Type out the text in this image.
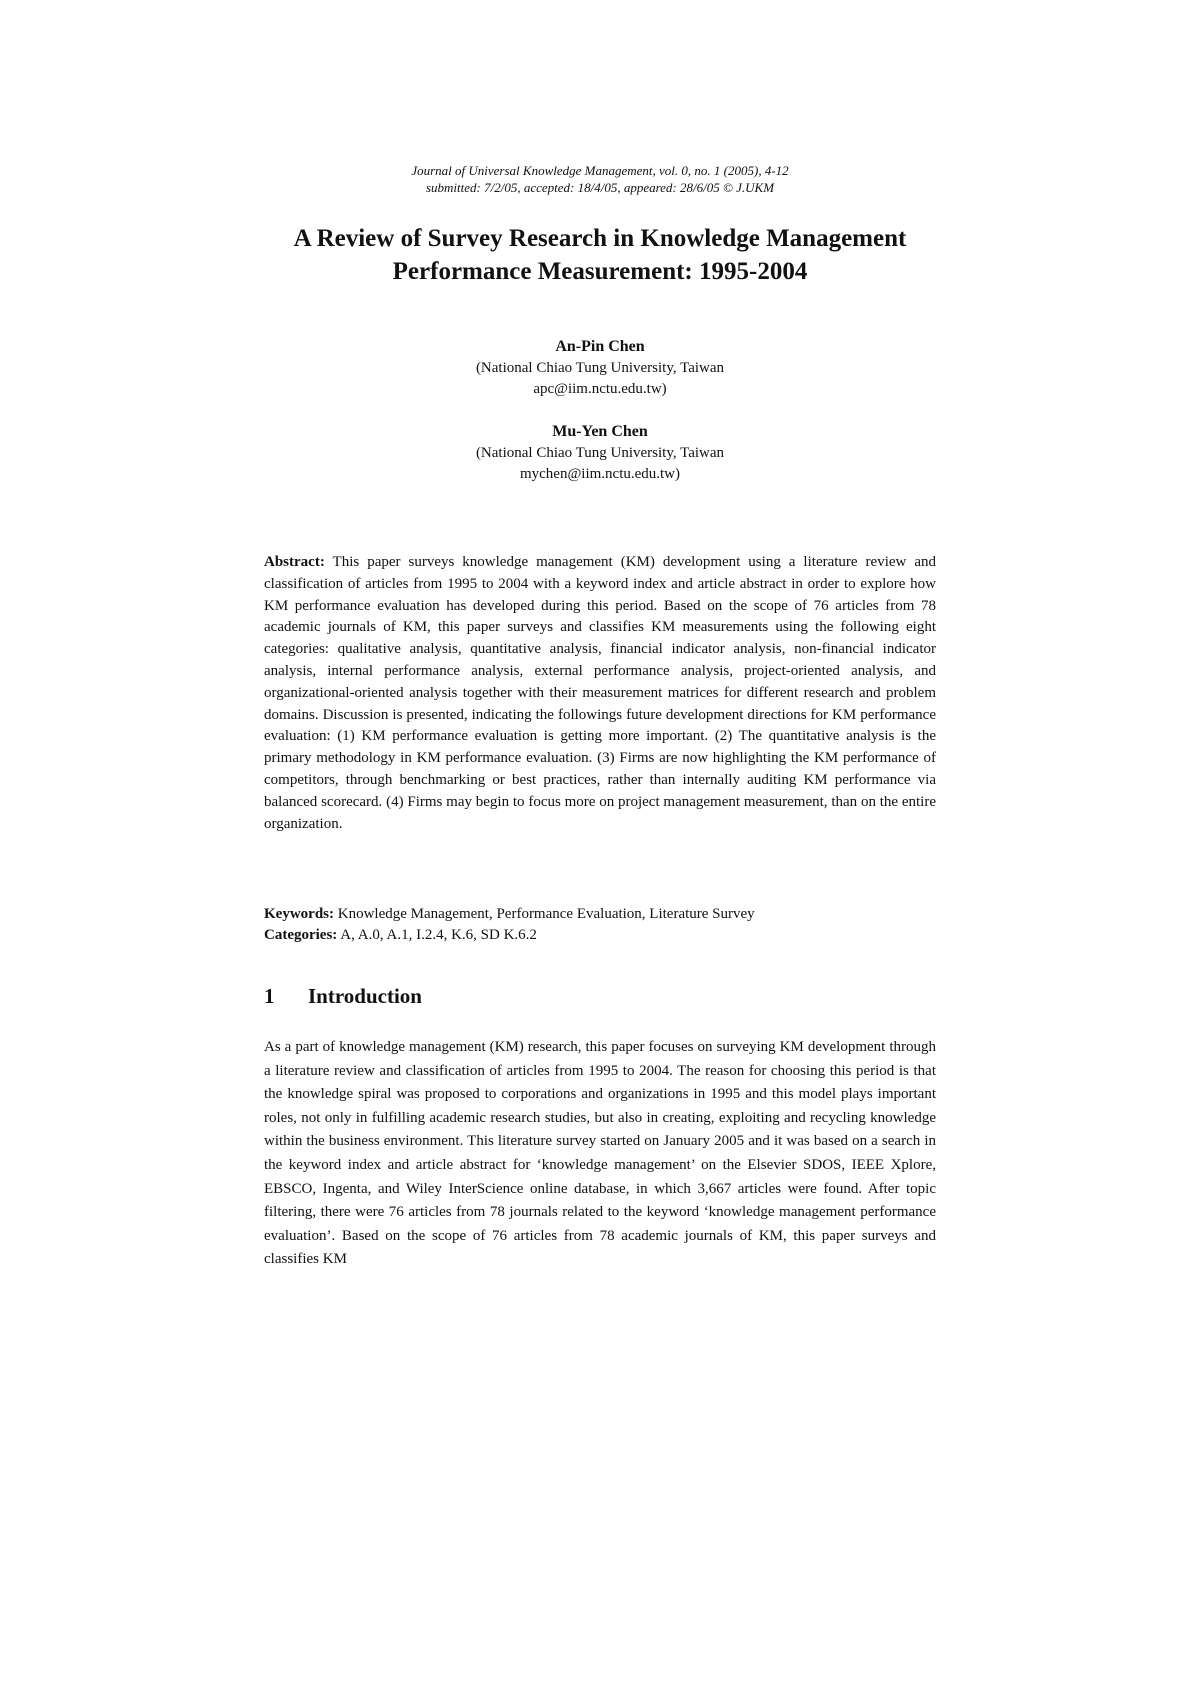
Journal of Universal Knowledge Management, vol. 0, no. 1 (2005), 4-12
submitted: 7/2/05, accepted: 18/4/05, appeared: 28/6/05 © J.UKM
A Review of Survey Research in Knowledge Management
Performance Measurement: 1995-2004
An-Pin Chen
(National Chiao Tung University, Taiwan
apc@iim.nctu.edu.tw)
Mu-Yen Chen
(National Chiao Tung University, Taiwan
mychen@iim.nctu.edu.tw)
Abstract: This paper surveys knowledge management (KM) development using a literature review and classification of articles from 1995 to 2004 with a keyword index and article abstract in order to explore how KM performance evaluation has developed during this period. Based on the scope of 76 articles from 78 academic journals of KM, this paper surveys and classifies KM measurements using the following eight categories: qualitative analysis, quantitative analysis, financial indicator analysis, non-financial indicator analysis, internal performance analysis, external performance analysis, project-oriented analysis, and organizational-oriented analysis together with their measurement matrices for different research and problem domains. Discussion is presented, indicating the followings future development directions for KM performance evaluation: (1) KM performance evaluation is getting more important. (2) The quantitative analysis is the primary methodology in KM performance evaluation. (3) Firms are now highlighting the KM performance of competitors, through benchmarking or best practices, rather than internally auditing KM performance via balanced scorecard. (4) Firms may begin to focus more on project management measurement, than on the entire organization.
Keywords: Knowledge Management, Performance Evaluation, Literature Survey
Categories: A, A.0, A.1, I.2.4, K.6, SD K.6.2
1 Introduction
As a part of knowledge management (KM) research, this paper focuses on surveying KM development through a literature review and classification of articles from 1995 to 2004. The reason for choosing this period is that the knowledge spiral was proposed to corporations and organizations in 1995 and this model plays important roles, not only in fulfilling academic research studies, but also in creating, exploiting and recycling knowledge within the business environment. This literature survey started on January 2005 and it was based on a search in the keyword index and article abstract for ‘knowledge management’ on the Elsevier SDOS, IEEE Xplore, EBSCO, Ingenta, and Wiley InterScience online database, in which 3,667 articles were found. After topic filtering, there were 76 articles from 78 journals related to the keyword ‘knowledge management performance evaluation’. Based on the scope of 76 articles from 78 academic journals of KM, this paper surveys and classifies KM
